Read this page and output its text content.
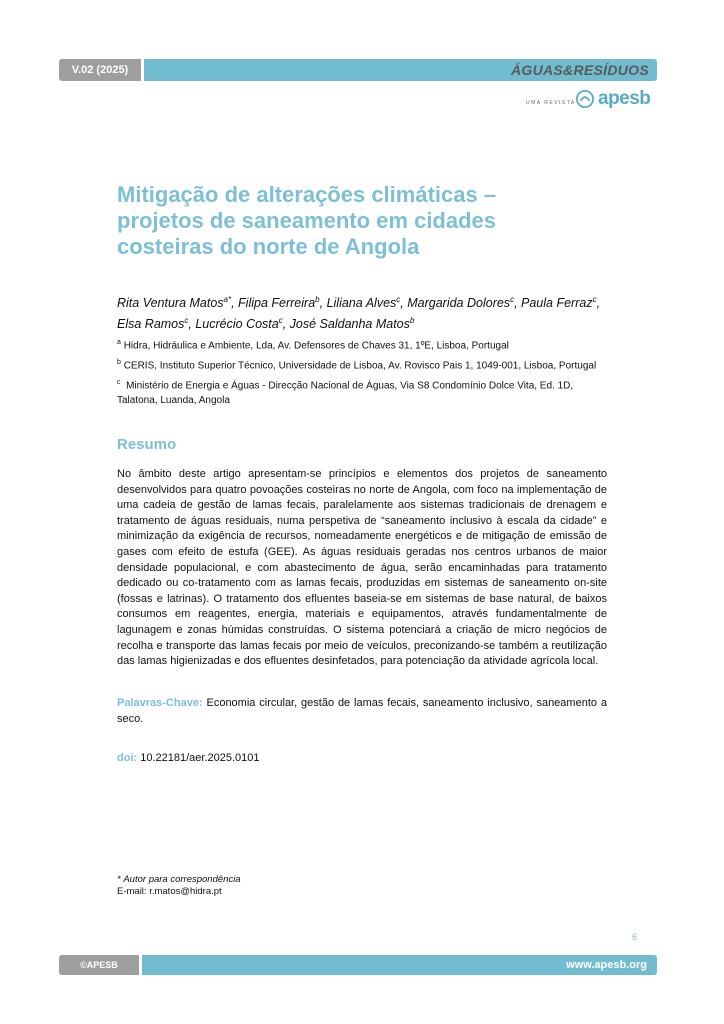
V.02 (2025)	ÁGUAS&RESÍDUOS
UMA REVISTA apesb
Mitigação de alterações climáticas – projetos de saneamento em cidades costeiras do norte de Angola

Rita Ventura Matos$^{a*}$, Filipa Ferreira$^b$, Liliana Alves$^c$, Margarida Dolores$^c$, Paula Ferraz$^c$, Elsa Ramos$^c$, Lucrécio Costa$^c$, José Saldanha Matos$^b$

$^a$ Hidra, Hidráulica e Ambiente, Lda, Av. Defensores de Chaves 31, 1ºE, Lisboa, Portugal

$^b$ CERIS, Instituto Superior Técnico, Universidade de Lisboa, Av. Rovisco Pais 1, 1049-001, Lisboa, Portugal

$^c$ Ministério de Energia e Águas - Direcção Nacional de Águas, Via S8 Condomínio Dolce Vita, Ed. 1D, Talatona, Luanda, Angola

Resumo

No âmbito deste artigo apresentam-se princípios e elementos dos projetos de saneamento desenvolvidos para quatro povoações costeiras no norte de Angola, com foco na implementação de uma cadeia de gestão de lamas fecais, paralelamente aos sistemas tradicionais de drenagem e tratamento de águas residuais, numa perspetiva de “saneamento inclusivo à escala da cidade” e minimização da exigência de recursos, nomeadamente energéticos e de mitigação de emissão de gases com efeito de estufa (GEE). As águas residuais geradas nos centros urbanos de maior densidade populacional, e com abastecimento de água, serão encaminhadas para tratamento dedicado ou co-tratamento com as lamas fecais, produzidas em sistemas de saneamento on-site (fossas e latrinas). O tratamento dos efluentes baseia-se em sistemas de base natural, de baixos consumos em reagentes, energia, materiais e equipamentos, através fundamentalmente de lagunagem e zonas húmidas construídas. O sistema potenciará a criação de micro negócios de recolha e transporte das lamas fecais por meio de veículos, preconizando-se também a reutilização das lamas higienizadas e dos efluentes desinfetados, para potenciação da atividade agrícola local.

Palavras-Chave: Economia circular, gestão de lamas fecais, saneamento inclusivo, saneamento a seco.

doi: 10.22181/aer.2025.0101

* Autor para correspondência
E-mail: r.matos@hidra.pt

6
©APESB	www.apesb.org
